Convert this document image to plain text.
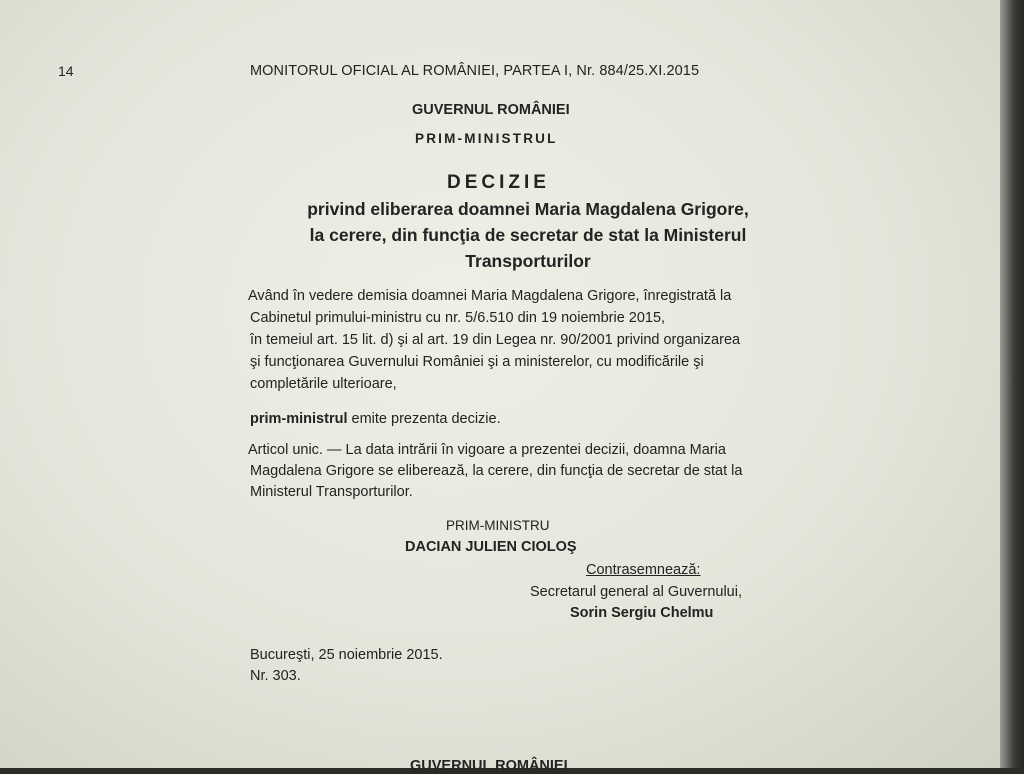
14	MONITORUL OFICIAL AL ROMÂNIEI, PARTEA I, Nr. 884/25.XI.2015
GUVERNUL ROMÂNIEI
PRIM-MINISTRUL
DECIZIE
privind eliberarea doamnei Maria Magdalena Grigore,
la cerere, din funcţia de secretar de stat la Ministerul
Transporturilor
Având în vedere demisia doamnei Maria Magdalena Grigore, înregistrată la
Cabinetul primului-ministru cu nr. 5/6.510 din 19 noiembrie 2015,
în temeiul art. 15 lit. d) şi al art. 19 din Legea nr. 90/2001 privind organizarea
şi funcţionarea Guvernului României şi a ministerelor, cu modificările şi
completările ulterioare,
prim-ministrul emite prezenta decizie.
Articol unic. — La data intrării în vigoare a prezentei decizii, doamna Maria
Magdalena Grigore se eliberează, la cerere, din funcţia de secretar de stat la
Ministerul Transporturilor.
PRIM-MINISTRU
DACIAN JULIEN CIOLOŞ
Contrasemnează:
Secretarul general al Guvernului,
Sorin Sergiu Chelmu
Bucureşti, 25 noiembrie 2015.
Nr. 303.
GUVERNUL ROMÂNIEI
